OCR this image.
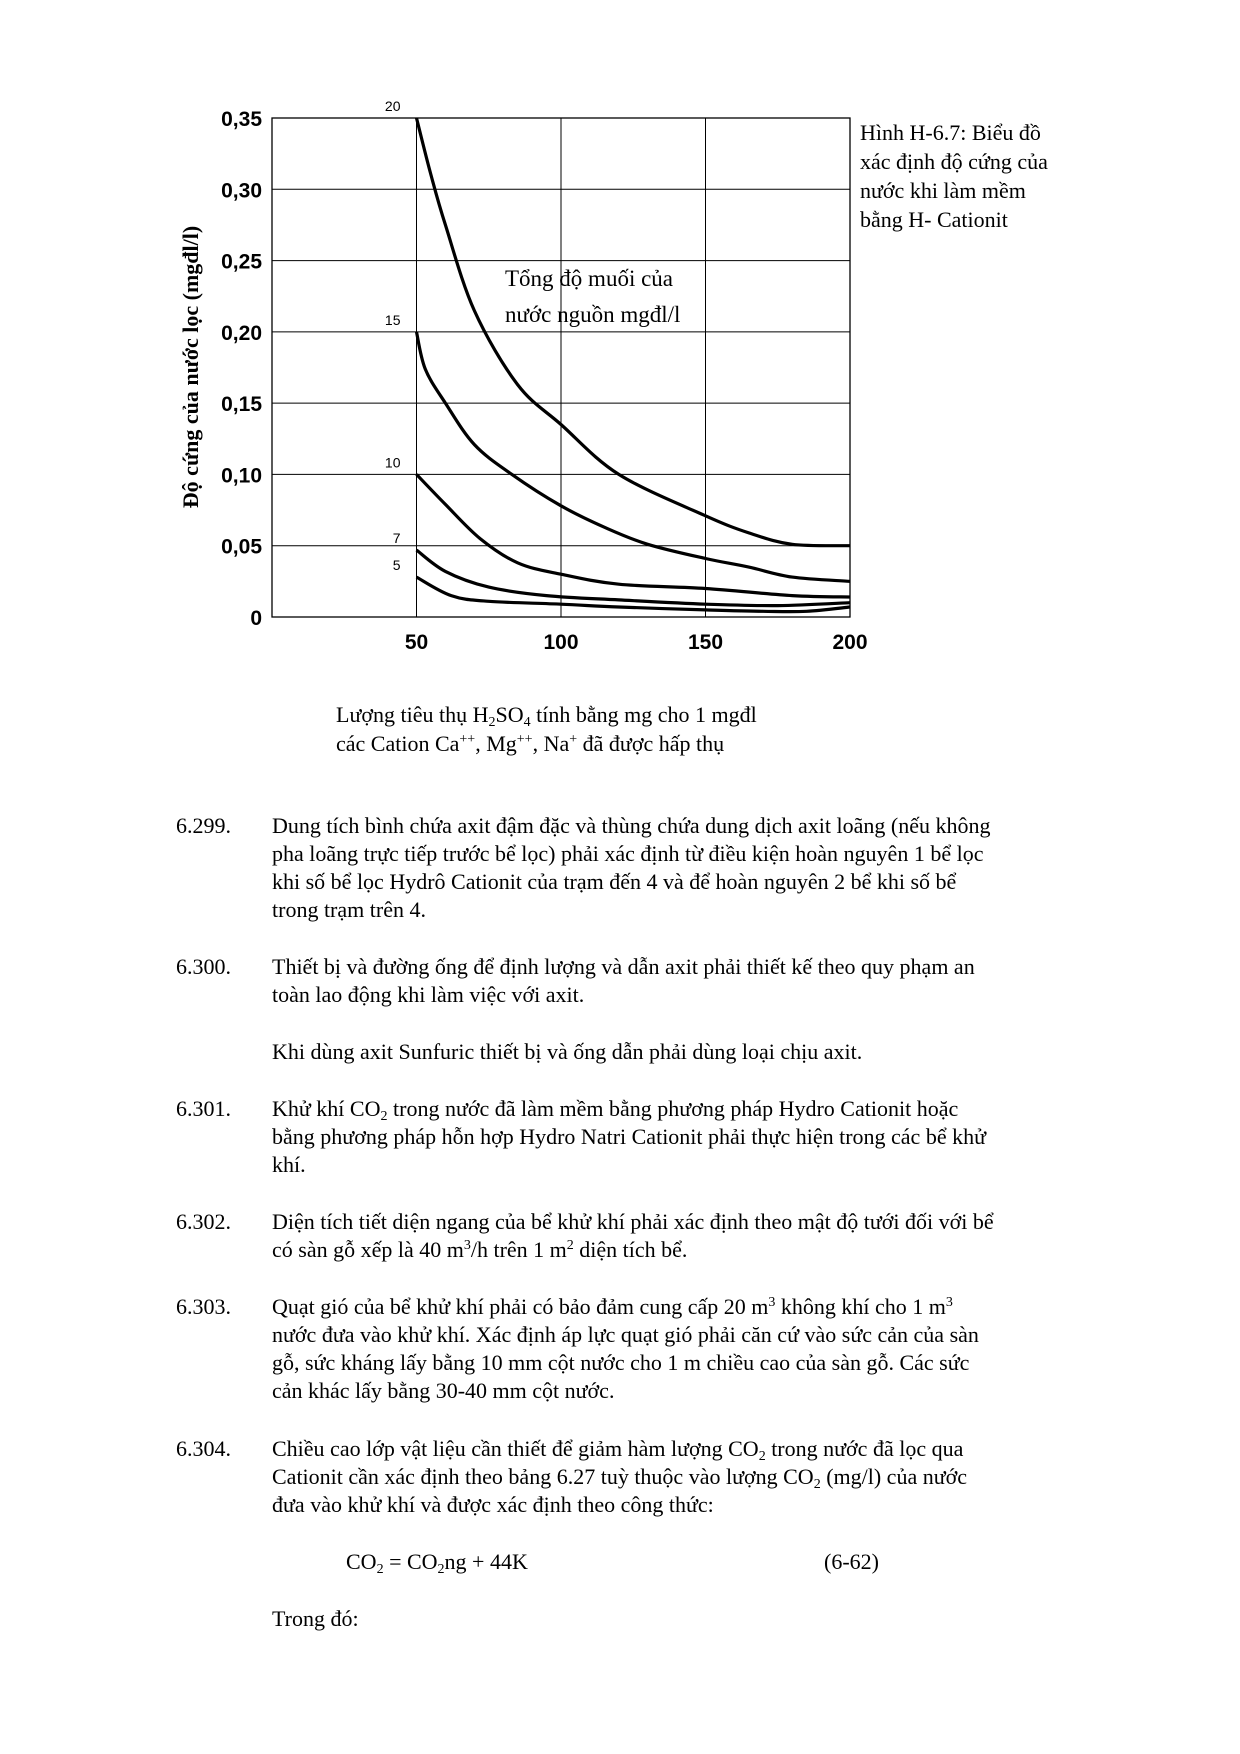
0
0,05
0,10
0,15
0,20
0,25
0,30
0,35
50	100	150	200
20
15
10
7
5
Tổng độ muối của
nước nguồn mgđl/l
Độ cứng của nước lọc (mgđl/l)
Hình H-6.7: Biểu đồ
xác định độ cứng của
nước khi làm mềm
bằng H- Cationit
Lượng tiêu thụ $H_2SO_4$ tính bằng mg cho 1 mgđl
các Cation Ca++, Mg++, Na+ đã được hấp thụ
6.299.	Dung tích bình chứa axit đậm đặc và thùng chứa dung dịch axit loãng (nếu không
pha loãng trực tiếp trước bể lọc) phải xác định từ điều kiện hoàn nguyên 1 bể lọc
khi số bể lọc Hydrô Cationit của trạm đến 4 và để hoàn nguyên 2 bể khi số bể
trong trạm trên 4.
6.300.	Thiết bị và đường ống để định lượng và dẫn axit phải thiết kế theo quy phạm an
toàn lao động khi làm việc với axit.
Khi dùng axit Sunfuric thiết bị và ống dẫn phải dùng loại chịu axit.
6.301.	Khử khí $CO_2$ trong nước đã làm mềm bằng phương pháp Hydro Cationit hoặc
bằng phương pháp hỗn hợp Hydro Natri Cationit phải thực hiện trong các bể khử
khí.
6.302.	Diện tích tiết diện ngang của bể khử khí phải xác định theo mật độ tưới đối với bể
có sàn gỗ xếp là 40 $m^3/h$ trên 1 $m^2$ diện tích bể.
6.303.	Quạt gió của bể khử khí phải có bảo đảm cung cấp 20 $m^3$ không khí cho 1 $m^3$
nước đưa vào khử khí. Xác định áp lực quạt gió phải căn cứ vào sức cản của sàn
gỗ, sức kháng lấy bằng 10 mm cột nước cho 1 m chiều cao của sàn gỗ. Các sức
cản khác lấy bằng 30-40 mm cột nước.
6.304.	Chiều cao lớp vật liệu cần thiết để giảm hàm lượng $CO_2$ trong nước đã lọc qua
Cationit cần xác định theo bảng 6.27 tuỳ thuộc vào lượng $CO_2$ (mg/l) của nước
đưa vào khử khí và được xác định theo công thức:
$CO_2 = CO_2ng + 44K$	(6-62)
Trong đó:
